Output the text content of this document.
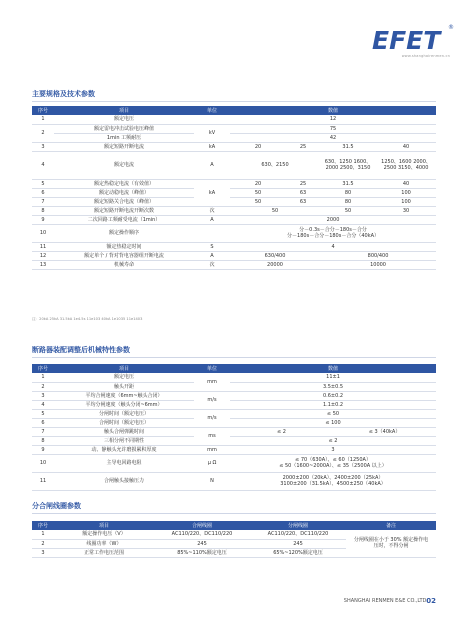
EFET	®
www.shanghairenmen.cn
主要规格及技术参数
序号	项目	单位	数值			
1	额定电压		12			
2	额定雷电冲击试验电压峰值	kV	75			
	1min 工频耐压		42			
3	额定短路开断电流	kA	20	25	31.5	40
4	额定电流	A	630、2150		630、1250 1600、2000 2500、3150	1250、1600 2000、2500 3150、4000
5	额定热稳定电流（有效值）	kA	20	25	31.5	40
6	额定动稳电流（峰值）		50	63	80	100
7	额定短路关合电流（峰值）		50	63	80	100
8	额定短路开断电流开断次数	次	50		50	30
9	二次回路工频耐受电流（1min）	A	2000			
10	额定操作顺序		分－0.3s－合分－180s－合分
分－180s－合分－180s－合分（40kA）			

11	额定热稳定时间	S	4			
12	额定单个 / 背对背电容器组开断电流	A	630/400		800/400	
13	机械寿命	次	20000		10000	
注：20kA 25kA 31.5kA 1e4.5s 11e103 40kA 1e1035 11e1403
断路器装配调整后机械特性参数
序号	项目	单位	数值	
1	额定电压	mm	11±1	
2	触头开距		3.5±0.5	
3	平均合闸速度（6mm~触头合闭）	m/s	0.6±0.2	
4	平均分闸速度（触头分闭~6mm）		1.1±0.2	
5	分闸时间（额定电压）	m/s	≤ 50	
6	合闸时间（额定电压）		≤ 100	
7	触头合闸弹跳时间	ms	≤ 2	≤ 3（40kA）
8	三相分闸不同期性		≤ 2	
9	动、静触头允许磨损累积厚度	mm	3	
10	主导电回路电阻	μ Ω	≤ 70（630A）、≤ 60（1250A）
≤ 50（1600~2000A）、≤ 35（2500A 以上）	

11	合闸触头接触压力	N	2000±200（20kA）、2400±200（25kA）
3100±200（31.5kA）、4500±250（40kA）	
分合闸线圈参数
序号	项目	合闸线圈	分闸线圈	备注
1	额定操作电压（V）	AC110/220、DC110/220	AC110/220、DC110/220	分闸线圈在小于 30% 额定操作电压时，不得分闸
2	线圈功率（W）	245	245	
3	正常工作电压范围	85%~110%额定电压	65%~120%额定电压	
SHANGHAI RENMEN E&E CO.,LTD.
02
